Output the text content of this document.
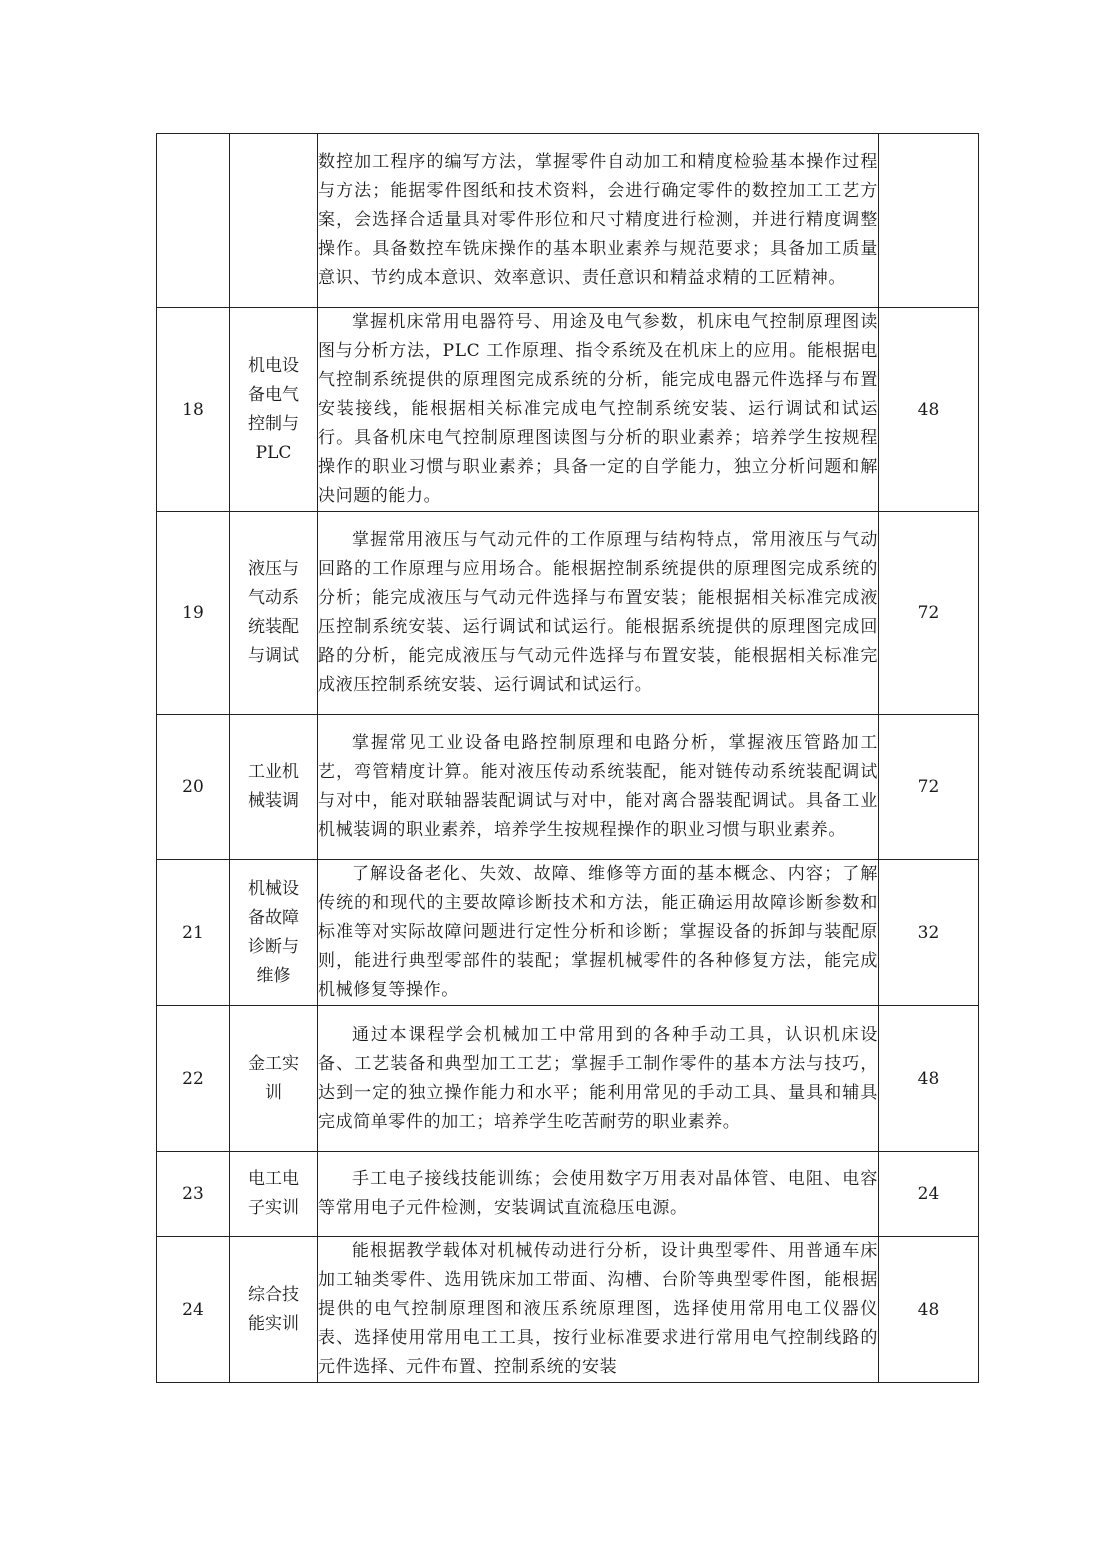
		数控加工程序的编写方法，掌握零件自动加工和精度检验基本操作过程与方法；能据零件图纸和技术资料，会进行确定零件的数控加工工艺方案，会选择合适量具对零件形位和尺寸精度进行检测，并进行精度调整操作。具备数控车铣床操作的基本职业素养与规范要求；具备加工质量意识、节约成本意识、效率意识、责任意识和精益求精的工匠精神。	

18	机电设备电气控制与PLC	掌握机床常用电器符号、用途及电气参数，机床电气控制原理图读图与分析方法，PLC 工作原理、指令系统及在机床上的应用。能根据电气控制系统提供的原理图完成系统的分析，能完成电器元件选择与布置安装接线，能根据相关标准完成电气控制系统安装、运行调试和试运行。具备机床电气控制原理图读图与分析的职业素养；培养学生按规程操作的职业习惯与职业素养；具备一定的自学能力，独立分析问题和解决问题的能力。	48
19	液压与气动系统装配与调试	掌握常用液压与气动元件的工作原理与结构特点，常用液压与气动回路的工作原理与应用场合。能根据控制系统提供的原理图完成系统的分析；能完成液压与气动元件选择与布置安装；能根据相关标准完成液压控制系统安装、运行调试和试运行。能根据系统提供的原理图完成回路的分析，能完成液压与气动元件选择与布置安装，能根据相关标准完成液压控制系统安装、运行调试和试运行。	72
20	工业机械装调	掌握常见工业设备电路控制原理和电路分析，掌握液压管路加工艺，弯管精度计算。能对液压传动系统装配，能对链传动系统装配调试与对中，能对联轴器装配调试与对中，能对离合器装配调试。具备工业机械装调的职业素养，培养学生按规程操作的职业习惯与职业素养。	72
21	机械设备故障诊断与维修	了解设备老化、失效、故障、维修等方面的基本概念、内容；了解传统的和现代的主要故障诊断技术和方法，能正确运用故障诊断参数和标准等对实际故障问题进行定性分析和诊断；掌握设备的拆卸与装配原则，能进行典型零部件的装配；掌握机械零件的各种修复方法，能完成机械修复等操作。	32
22	金工实训	通过本课程学会机械加工中常用到的各种手动工具，认识机床设备、工艺装备和典型加工工艺；掌握手工制作零件的基本方法与技巧，达到一定的独立操作能力和水平；能利用常见的手动工具、量具和辅具完成简单零件的加工；培养学生吃苦耐劳的职业素养。	48
23	电工电子实训	手工电子接线技能训练；会使用数字万用表对晶体管、电阻、电容等常用电子元件检测，安装调试直流稳压电源。	24
24	综合技能实训	能根据教学载体对机械传动进行分析，设计典型零件、用普通车床加工轴类零件、选用铣床加工带面、沟槽、台阶等典型零件图，能根据提供的电气控制原理图和液压系统原理图，选择使用常用电工仪器仪表、选择使用常用电工工具，按行业标准要求进行常用电气控制线路的元件选择、元件布置、控制系统的安装	48
